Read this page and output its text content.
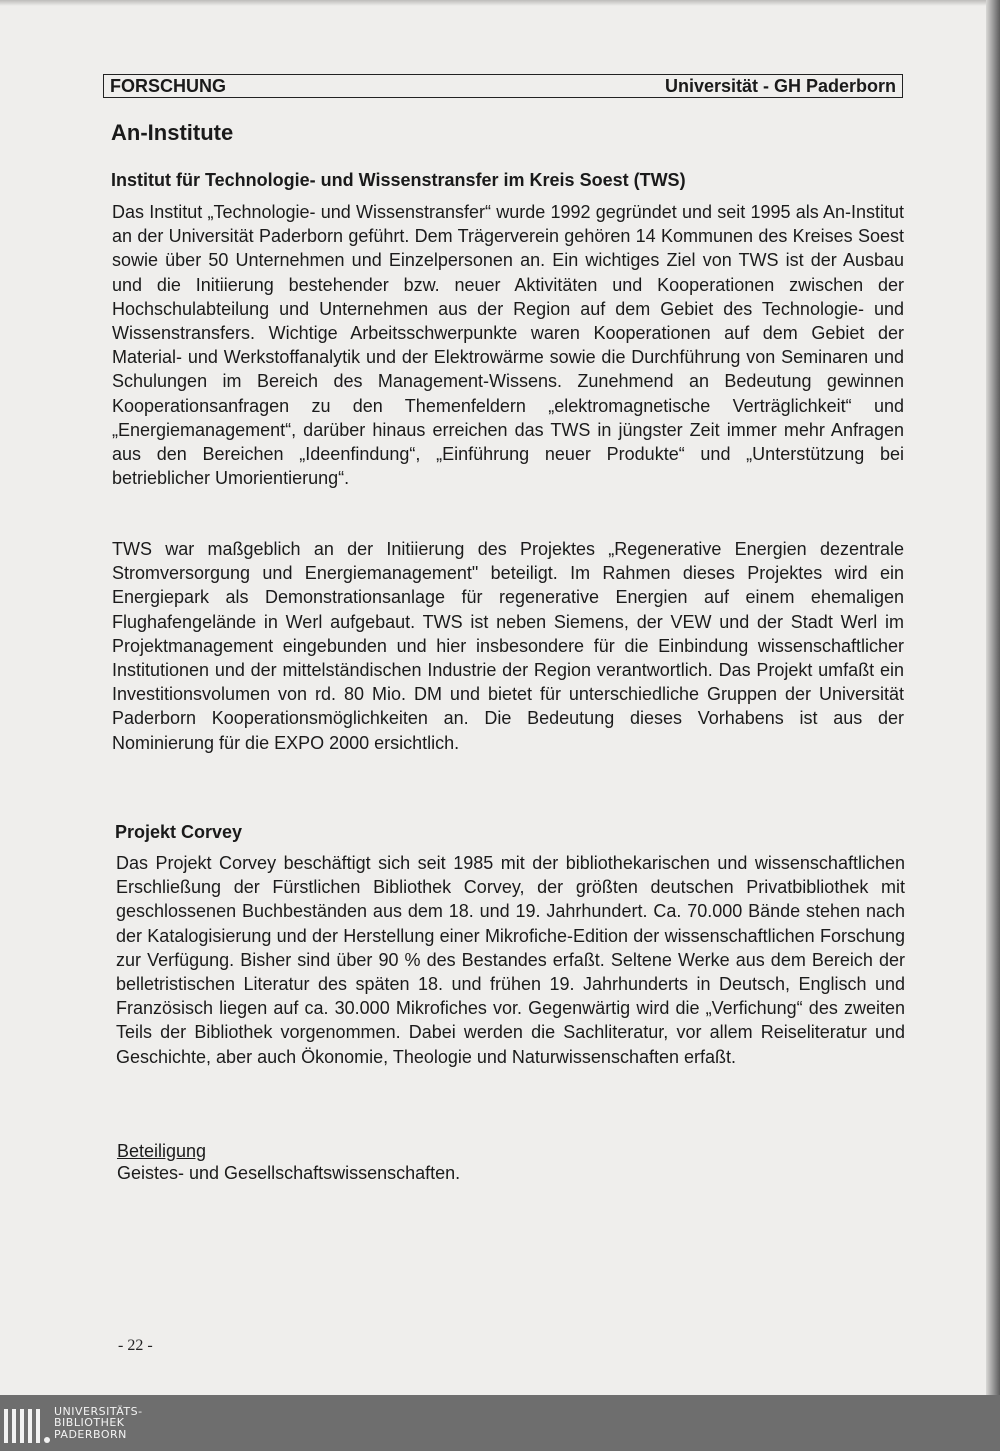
FORSCHUNG	Universität - GH Paderborn
An-Institute
Institut für Technologie- und Wissenstransfer im Kreis Soest (TWS)

Das Institut „Technologie- und Wissenstransfer“ wurde 1992 gegründet und seit 1995 als An-Institut an der Universität Paderborn geführt. Dem Trägerverein gehören 14 Kommunen des Kreises Soest sowie über 50 Unternehmen und Einzelpersonen an. Ein wichtiges Ziel von TWS ist der Ausbau und die Initiierung bestehender bzw. neuer Aktivitäten und Kooperationen zwischen der Hochschulabteilung und Unternehmen aus der Region auf dem Gebiet des Technologie- und Wissenstransfers. Wichtige Arbeitsschwerpunkte waren Kooperationen auf dem Gebiet der Material- und Werkstoffanalytik und der Elektrowärme sowie die Durchführung von Seminaren und Schulungen im Bereich des Management-Wissens. Zunehmend an Bedeutung gewinnen Kooperationsanfragen zu den Themenfeldern „elektromagnetische Verträglichkeit“ und „Energiemanagement“, darüber hinaus erreichen das TWS in jüngster Zeit immer mehr Anfragen aus den Bereichen „Ideenfindung“, „Einführung neuer Produkte“ und „Unterstützung bei betrieblicher Umorientierung“.

TWS war maßgeblich an der Initiierung des Projektes „Regenerative Energien dezentrale Stromversorgung und Energiemanagement" beteiligt. Im Rahmen dieses Projektes wird ein Energiepark als Demonstrationsanlage für regenerative Energien auf einem ehemaligen Flughafengelände in Werl aufgebaut. TWS ist neben Siemens, der VEW und der Stadt Werl im Projektmanagement eingebunden und hier insbesondere für die Einbindung wissenschaftlicher Institutionen und der mittelständischen Industrie der Region verantwortlich. Das Projekt umfaßt ein Investitionsvolumen von rd. 80 Mio. DM und bietet für unterschiedliche Gruppen der Universität Paderborn Kooperationsmöglichkeiten an. Die Bedeutung dieses Vorhabens ist aus der Nominierung für die EXPO 2000 ersichtlich.

Projekt Corvey

Das Projekt Corvey beschäftigt sich seit 1985 mit der bibliothekarischen und wissenschaftlichen Erschließung der Fürstlichen Bibliothek Corvey, der größten deutschen Privatbibliothek mit geschlossenen Buchbeständen aus dem 18. und 19. Jahrhundert. Ca. 70.000 Bände stehen nach der Katalogisierung und der Herstellung einer Mikrofiche-Edition der wissenschaftlichen Forschung zur Verfügung. Bisher sind über 90 % des Bestandes erfaßt. Seltene Werke aus dem Bereich der belletristischen Literatur des späten 18. und frühen 19. Jahrhunderts in Deutsch, Englisch und Französisch liegen auf ca. 30.000 Mikrofiches vor. Gegenwärtig wird die „Verfichung“ des zweiten Teils der Bibliothek vorgenommen. Dabei werden die Sachliteratur, vor allem Reiseliteratur und Geschichte, aber auch Ökonomie, Theologie und Naturwissenschaften erfaßt.

Beteiligung

Geistes- und Gesellschaftswissenschaften.

- 22 -
UNIVERSITÄTS-
BIBLIOTHEK
PADERBORN
